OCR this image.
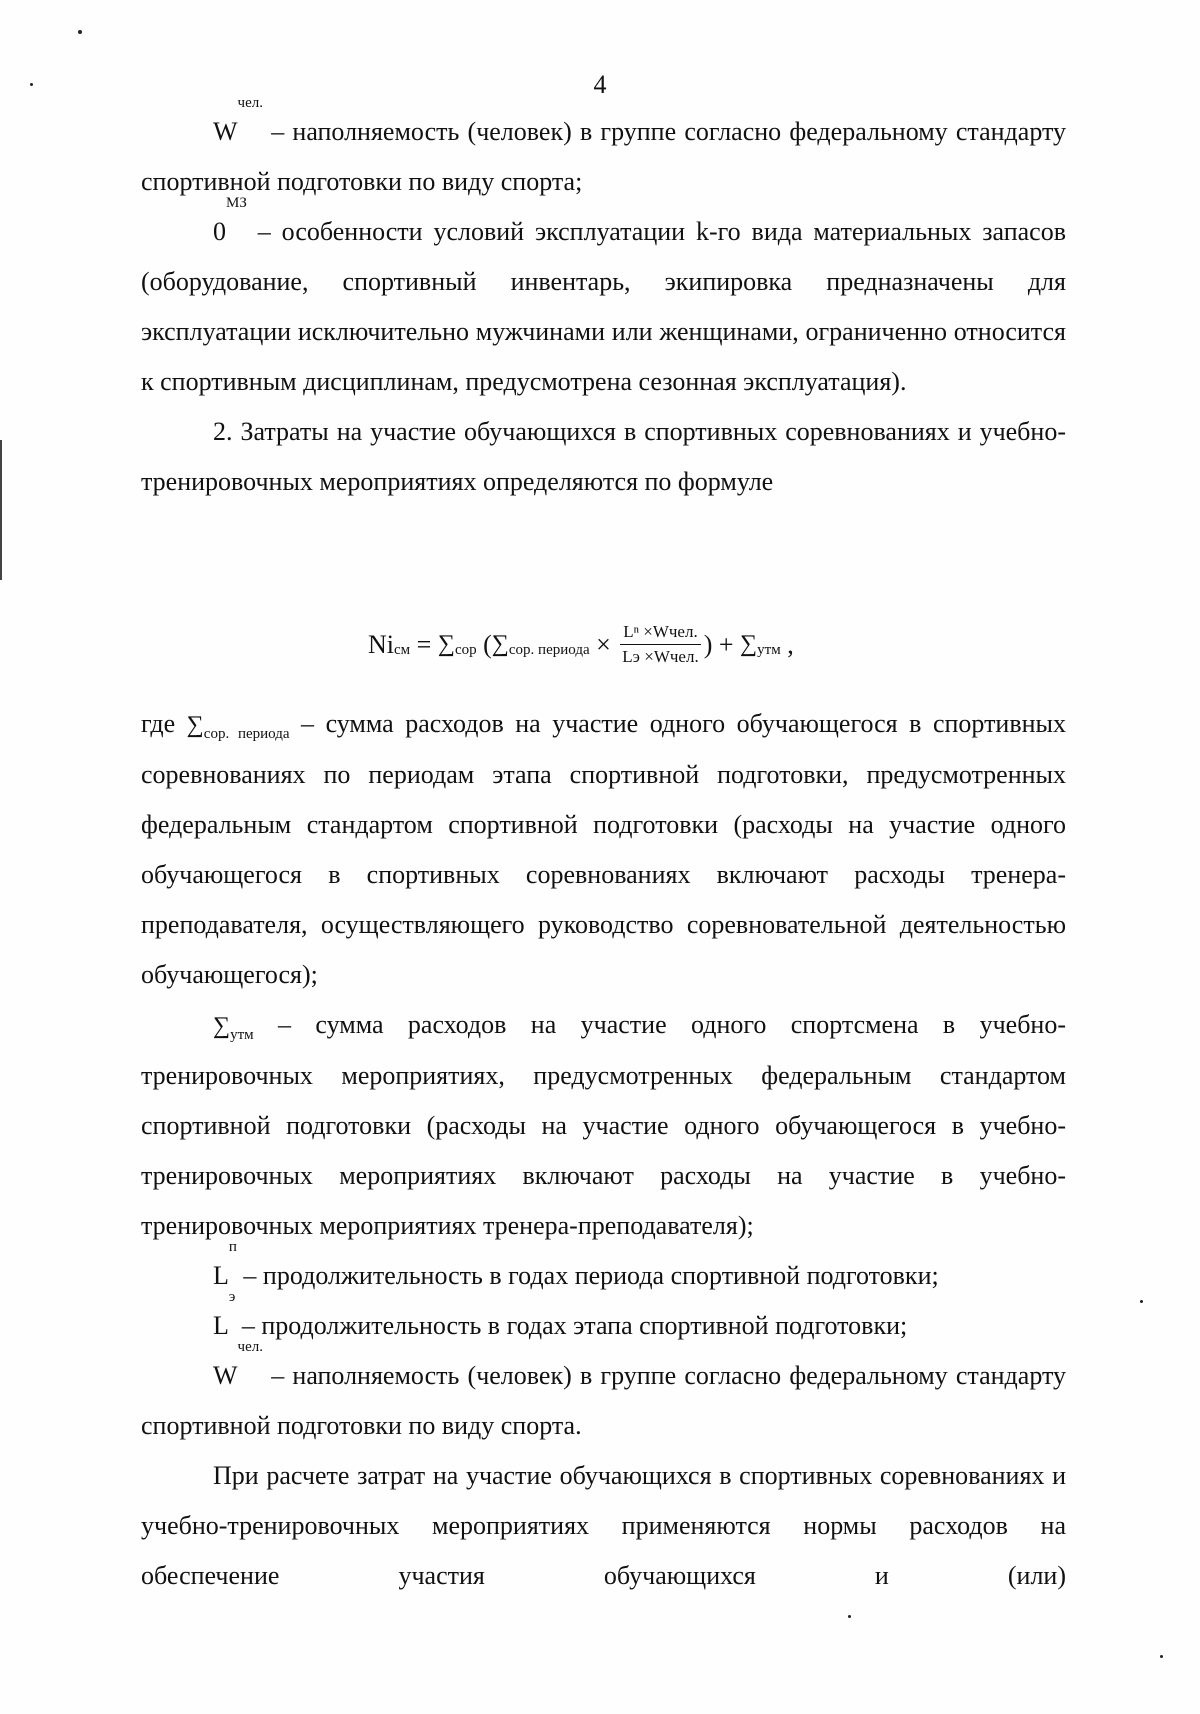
4

$W^{чел.}$ – наполняемость (человек) в группе согласно федеральному стандарту спортивной подготовки по виду спорта;

$0^{МЗ}$ – особенности условий эксплуатации k-го вида материальных запасов (оборудование, спортивный инвентарь, экипировка предназначены для эксплуатации исключительно мужчинами или женщинами, ограниченно относится к спортивным дисциплинам, предусмотрена сезонная эксплуатация).

2. Затраты на участие обучающихся в спортивных соревнованиях и учебно-тренировочных мероприятиях определяются по формуле

Ni см = ∑ сор ( ∑ сор. периода × $\frac{\text{Lⁿ ×Wчел.}}{\text{Lэ ×Wчел.}}$ ) + ∑ утм ,

где $\sum_{сор. периода}$ – сумма расходов на участие одного обучающегося в спортивных соревнованиях по периодам этапа спортивной подготовки, предусмотренных федеральным стандартом спортивной подготовки (расходы на участие одного обучающегося в спортивных соревнованиях включают расходы тренера-преподавателя, осуществляющего руководство соревновательной деятельностью обучающегося);

$\sum_{утм}$ – сумма расходов на участие одного спортсмена в учебно-тренировочных мероприятиях, предусмотренных федеральным стандартом спортивной подготовки (расходы на участие одного обучающегося в учебно-тренировочных мероприятиях включают расходы на участие в учебно-тренировочных мероприятиях тренера-преподавателя);

$L^п$ – продолжительность в годах периода спортивной подготовки;

$L^э$ – продолжительность в годах этапа спортивной подготовки;

$W^{чел.}$ – наполняемость (человек) в группе согласно федеральному стандарту спортивной подготовки по виду спорта.

При расчете затрат на участие обучающихся в спортивных соревнованиях и учебно-тренировочных мероприятиях применяются нормы расходов на обеспечение участия обучающихся и (или)
